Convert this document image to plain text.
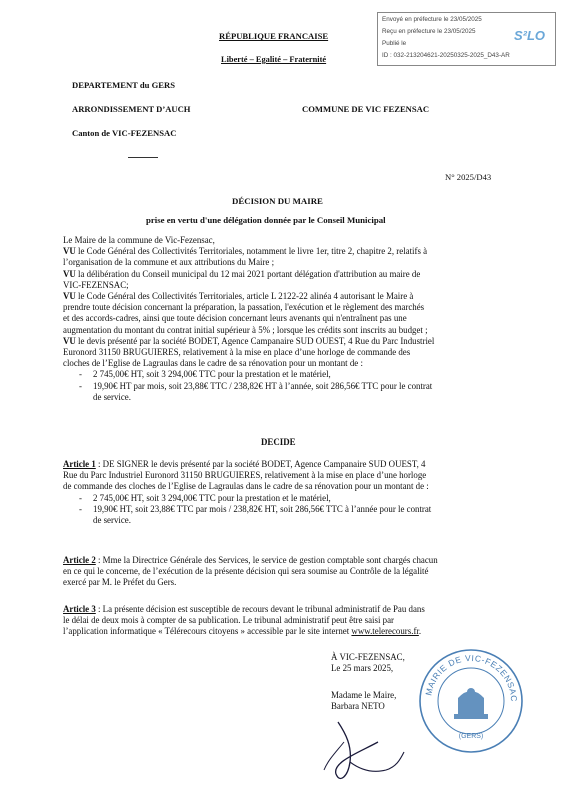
Envoyé en préfecture le 23/05/2025
Reçu en préfecture le 23/05/2025
Publié le
ID : 032-213204621-20250325-2025_D43-AR
S²LO
RÉPUBLIQUE FRANCAISE
Liberté – Egalité – Fraternité
DEPARTEMENT du GERS
ARRONDISSEMENT D’AUCH	COMMUNE DE VIC FEZENSAC
Canton de VIC-FEZENSAC
N° 2025/D43
DÉCISION DU MAIRE
prise en vertu d'une délégation donnée par le Conseil Municipal
Le Maire de la commune de Vic-Fezensac,
VU le Code Général des Collectivités Territoriales, notamment le livre 1er, titre 2, chapitre 2, relatifs à
l’organisation de la commune et aux attributions du Maire ;
VU la délibération du Conseil municipal du 12 mai 2021 portant délégation d'attribution au maire de
VIC-FEZENSAC;
VU le Code Général des Collectivités Territoriales, article L 2122-22 alinéa 4 autorisant le Maire à
prendre toute décision concernant la préparation, la passation, l'exécution et le règlement des marchés
et des accords-cadres, ainsi que toute décision concernant leurs avenants qui n'entraînent pas une
augmentation du montant du contrat initial supérieur à 5% ; lorsque les crédits sont inscrits au budget ;
VU le devis présenté par la société BODET, Agence Campanaire SUD OUEST, 4 Rue du Parc Industriel
Euronord 31150 BRUGUIERES, relativement à la mise en place d’une horloge de commande des
cloches de l’Eglise de Lagraulas dans le cadre de sa rénovation pour un montant de :
- 2 745,00€ HT, soit 3 294,00€ TTC pour la prestation et le matériel,
- 19,90€ HT par mois, soit 23,88€ TTC / 238,82€ HT à l’année, soit 286,56€ TTC pour le contrat
de service.
DECIDE
Article 1 : DE SIGNER le devis présenté par la société BODET, Agence Campanaire SUD OUEST, 4
Rue du Parc Industriel Euronord 31150 BRUGUIERES, relativement à la mise en place d’une horloge
de commande des cloches de l’Eglise de Lagraulas dans le cadre de sa rénovation pour un montant de :
- 2 745,00€ HT, soit 3 294,00€ TTC pour la prestation et le matériel,
- 19,90€ HT, soit 23,88€ TTC par mois / 238,82€ HT, soit 286,56€ TTC à l’année pour le contrat
de service.
Article 2 : Mme la Directrice Générale des Services, le service de gestion comptable sont chargés chacun
en ce qui le concerne, de l’exécution de la présente décision qui sera soumise au Contrôle de la légalité
exercé par M. le Préfet du Gers.
Article 3 : La présente décision est susceptible de recours devant le tribunal administratif de Pau dans
le délai de deux mois à compter de sa publication. Le tribunal administratif peut être saisi par
l’application informatique « Télérecours citoyens » accessible par le site internet www.telerecours.fr.
À VIC-FEZENSAC,
Le 25 mars 2025,
Madame le Maire,
Barbara NETO
MAIRIE DE VIC-FEZENSAC
(GERS)
